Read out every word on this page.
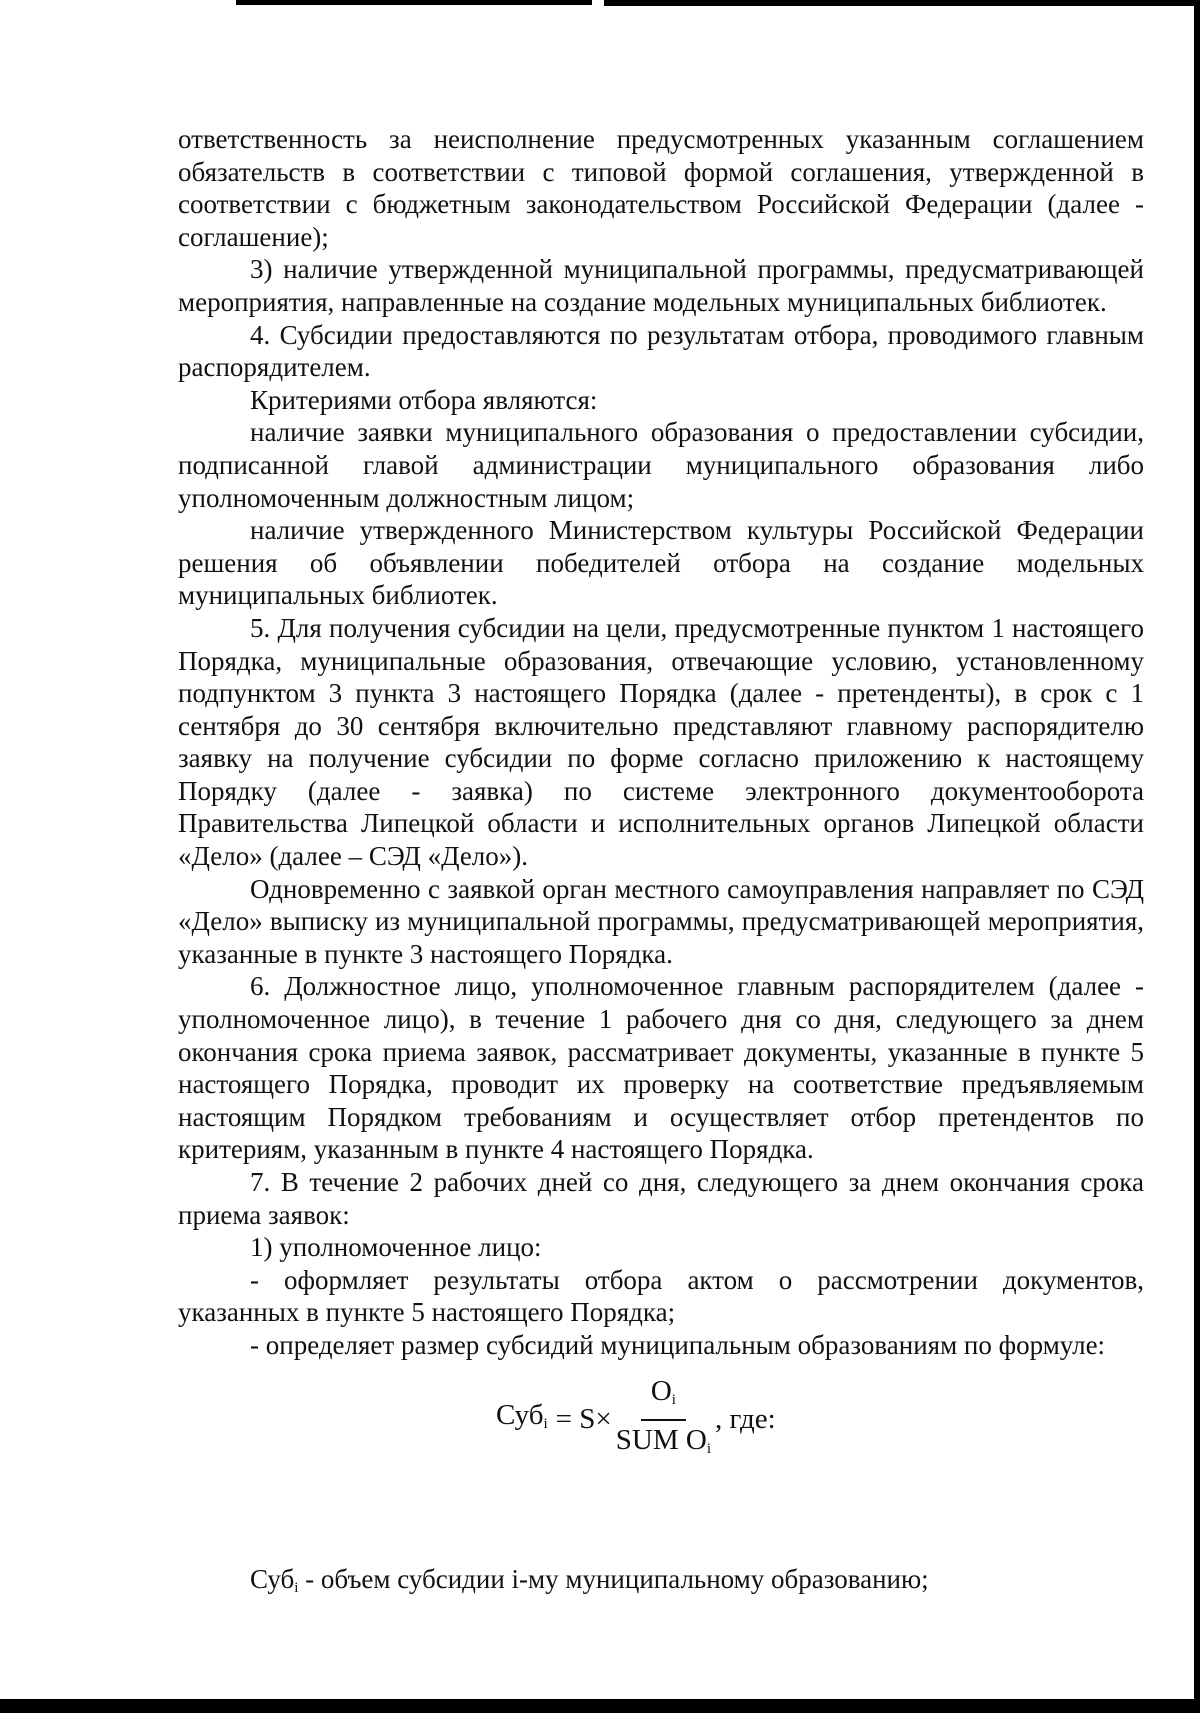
ответственность за неисполнение предусмотренных указанным соглашением обязательств в соответствии с типовой формой соглашения, утвержденной в соответствии с бюджетным законодательством Российской Федерации (далее - соглашение);

3) наличие утвержденной муниципальной программы, предусматривающей мероприятия, направленные на создание модельных муниципальных библиотек.

4. Субсидии предоставляются по результатам отбора, проводимого главным распорядителем.

Критериями отбора являются:

наличие заявки муниципального образования о предоставлении субсидии, подписанной главой администрации муниципального образования либо уполномоченным должностным лицом;

наличие утвержденного Министерством культуры Российской Федерации решения об объявлении победителей отбора на создание модельных муниципальных библиотек.

5. Для получения субсидии на цели, предусмотренные пунктом 1 настоящего Порядка, муниципальные образования, отвечающие условию, установленному подпунктом 3 пункта 3 настоящего Порядка (далее - претенденты), в срок с 1 сентября до 30 сентября включительно представляют главному распорядителю заявку на получение субсидии по форме согласно приложению к настоящему Порядку (далее - заявка) по системе электронного документооборота Правительства Липецкой области и исполнительных органов Липецкой области «Дело» (далее – СЭД «Дело»).

Одновременно с заявкой орган местного самоуправления направляет по СЭД «Дело» выписку из муниципальной программы, предусматривающей мероприятия, указанные в пункте 3 настоящего Порядка.

6. Должностное лицо, уполномоченное главным распорядителем (далее - уполномоченное лицо), в течение 1 рабочего дня со дня, следующего за днем окончания срока приема заявок, рассматривает документы, указанные в пункте 5 настоящего Порядка, проводит их проверку на соответствие предъявляемым настоящим Порядком требованиям и осуществляет отбор претендентов по критериям, указанным в пункте 4 настоящего Порядка.

7. В течение 2 рабочих дней со дня, следующего за днем окончания срока приема заявок:

1) уполномоченное лицо:

- оформляет результаты отбора актом о рассмотрении документов, указанных в пункте 5 настоящего Порядка;

- определяет размер субсидий муниципальным образованиям по формуле:

$Суб_i = S\times \frac{O_i}{SUM O_i}$ , где:
Суб$_i$ - объем субсидии i-му муниципальному образованию;
